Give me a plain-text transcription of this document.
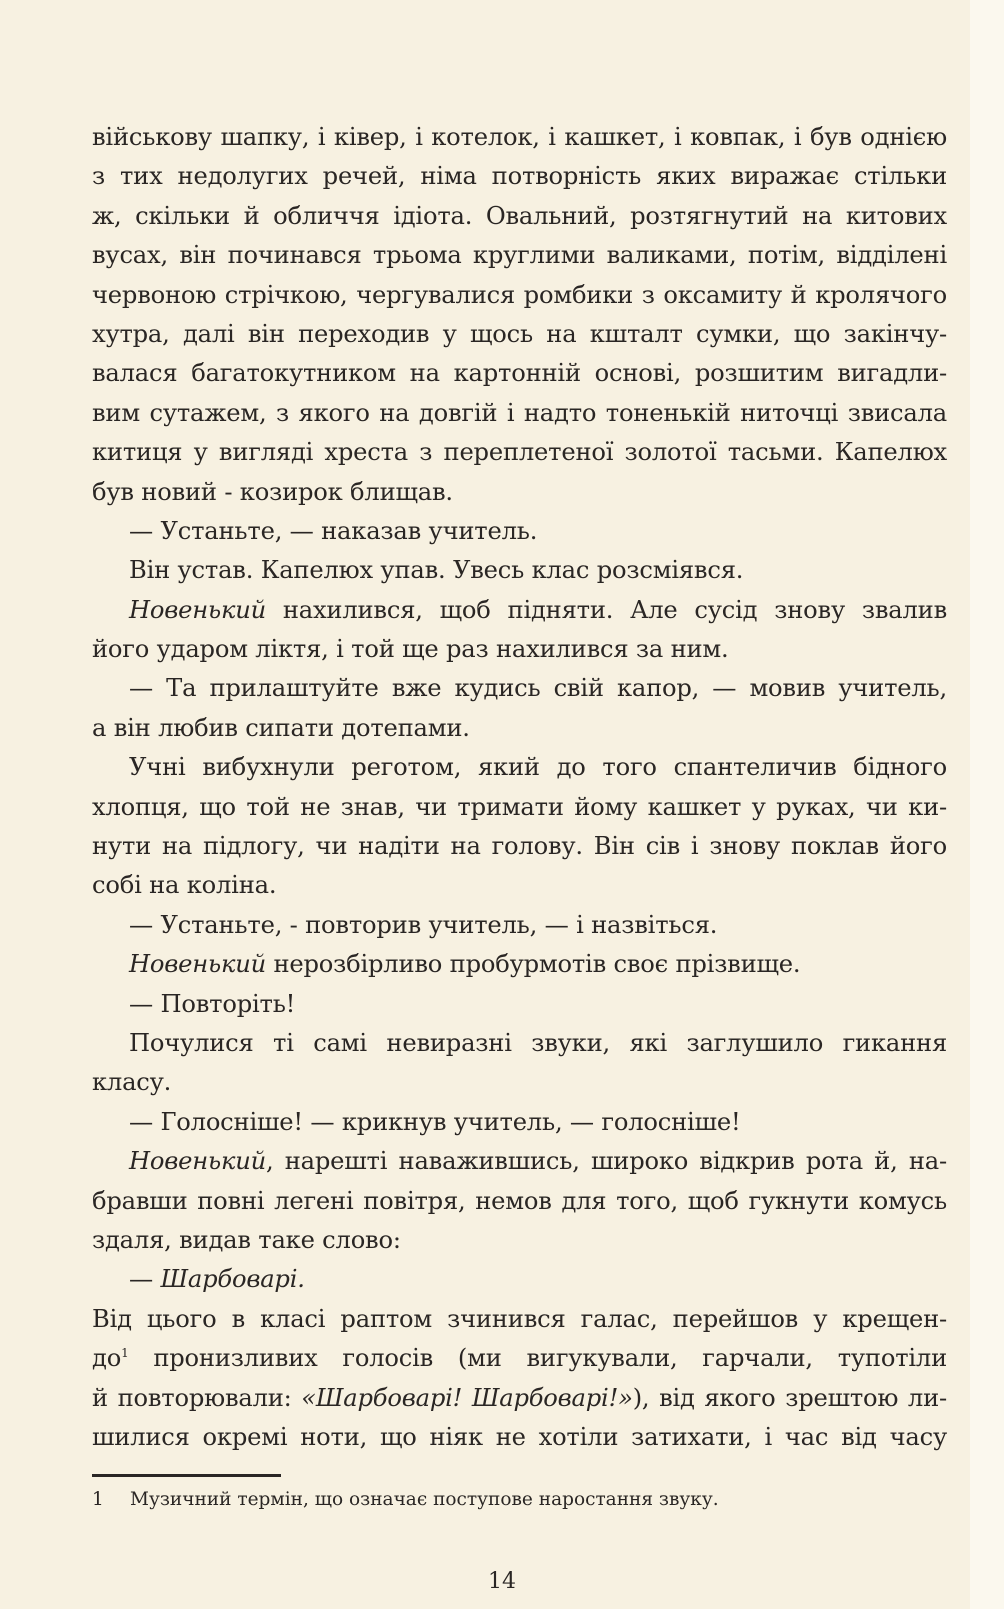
військову шапку, і ківер, і котелок, і кашкет, і ковпак, і був однією
з тих недолугих речей, німа потворність яких виражає стільки
ж, скільки й обличчя ідіота. Овальний, розтягнутий на китових
вусах, він починався трьома круглими валиками, потім, відділені
червоною стрічкою, чергувалися ромбики з оксамиту й кролячого
хутра, далі він переходив у щось на кшталт сумки, що закінчу-
валася багатокутником на картонній основі, розшитим вигадли-
вим сутажем, з якого на довгій і надто тоненькій ниточці звисала
китиця у вигляді хреста з переплетеної золотої тасьми. Капелюх
був новий - козирок блищав.
— Устаньте, — наказав учитель.
Він устав. Капелюх упав. Увесь клас розсміявся.
Новенький нахилився, щоб підняти. Але сусід знову звалив
його ударом ліктя, і той ще раз нахилився за ним.
— Та прилаштуйте вже кудись свій капор, — мовив учитель,
а він любив сипати дотепами.
Учні вибухнули реготом, який до того спантеличив бідного
хлопця, що той не знав, чи тримати йому кашкет у руках, чи ки-
нути на підлогу, чи надіти на голову. Він сів і знову поклав його
собі на коліна.
— Устаньте, - повторив учитель, — і назвіться.
Новенький нерозбірливо пробурмотів своє прізвище.
— Повторіть!
Почулися ті самі невиразні звуки, які заглушило гикання
класу.
— Голосніше! — крикнув учитель, — голосніше!
Новенький, нарешті наважившись, широко відкрив рота й, на-
бравши повні легені повітря, немов для того, щоб гукнути комусь
здаля, видав таке слово:
— Шарбоварі.
Від цього в класі раптом зчинився галас, перейшов у крещен-
$до^1$ пронизливих голосів (ми вигукували, гарчали, тупотіли
й повторювали: «Шарбоварі! Шарбоварі!»), від якого зрештою ли-
шилися окремі ноти, що ніяк не хотіли затихати, і час від часу
1 Музичний термін, що означає поступове наростання звуку.
14
